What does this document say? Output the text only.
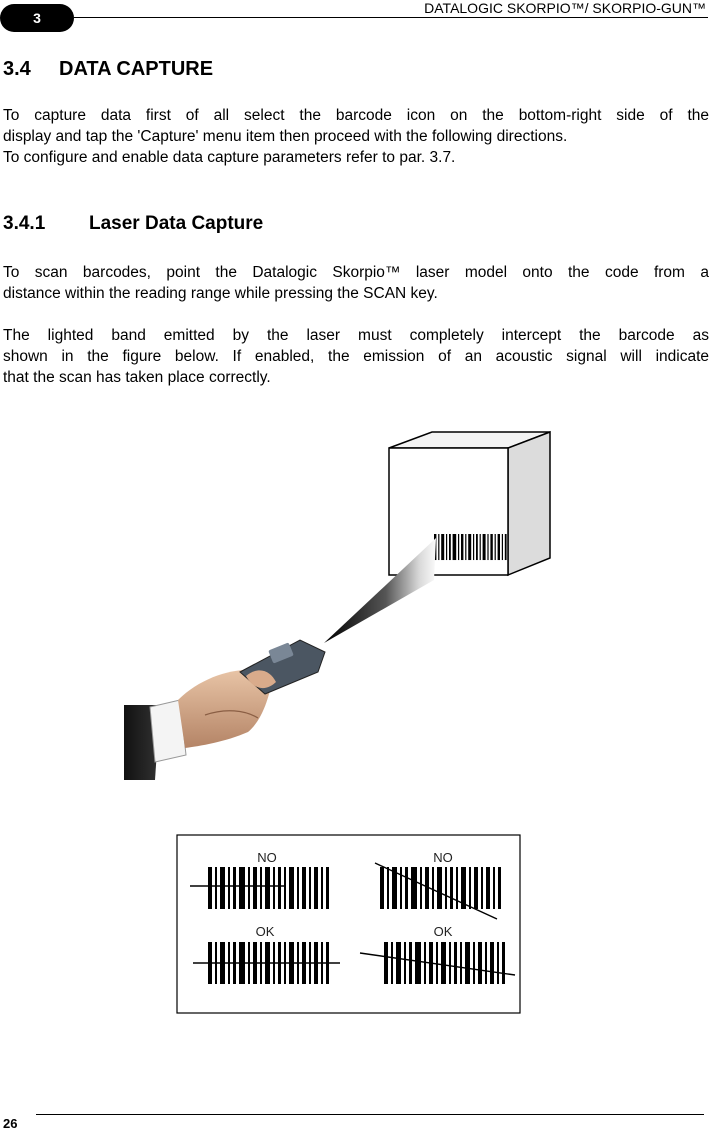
3
DATALOGIC SKORPIO™/ SKORPIO-GUN™
3.4 DATA CAPTURE

To capture data first of all select the barcode icon on the bottom-right side of the
display and tap the 'Capture' menu item then proceed with the following directions.
To configure and enable data capture parameters refer to par. 3.7.

3.4.1 Laser Data Capture

To scan barcodes, point the Datalogic Skorpio™ laser model onto the code from a
distance within the reading range while pressing the SCAN key.

The lighted band emitted by the laser must completely intercept the barcode as
shown in the figure below. If enabled, the emission of an acoustic signal will indicate
that the scan has taken place correctly.

NO	NO
OK	OK
26
